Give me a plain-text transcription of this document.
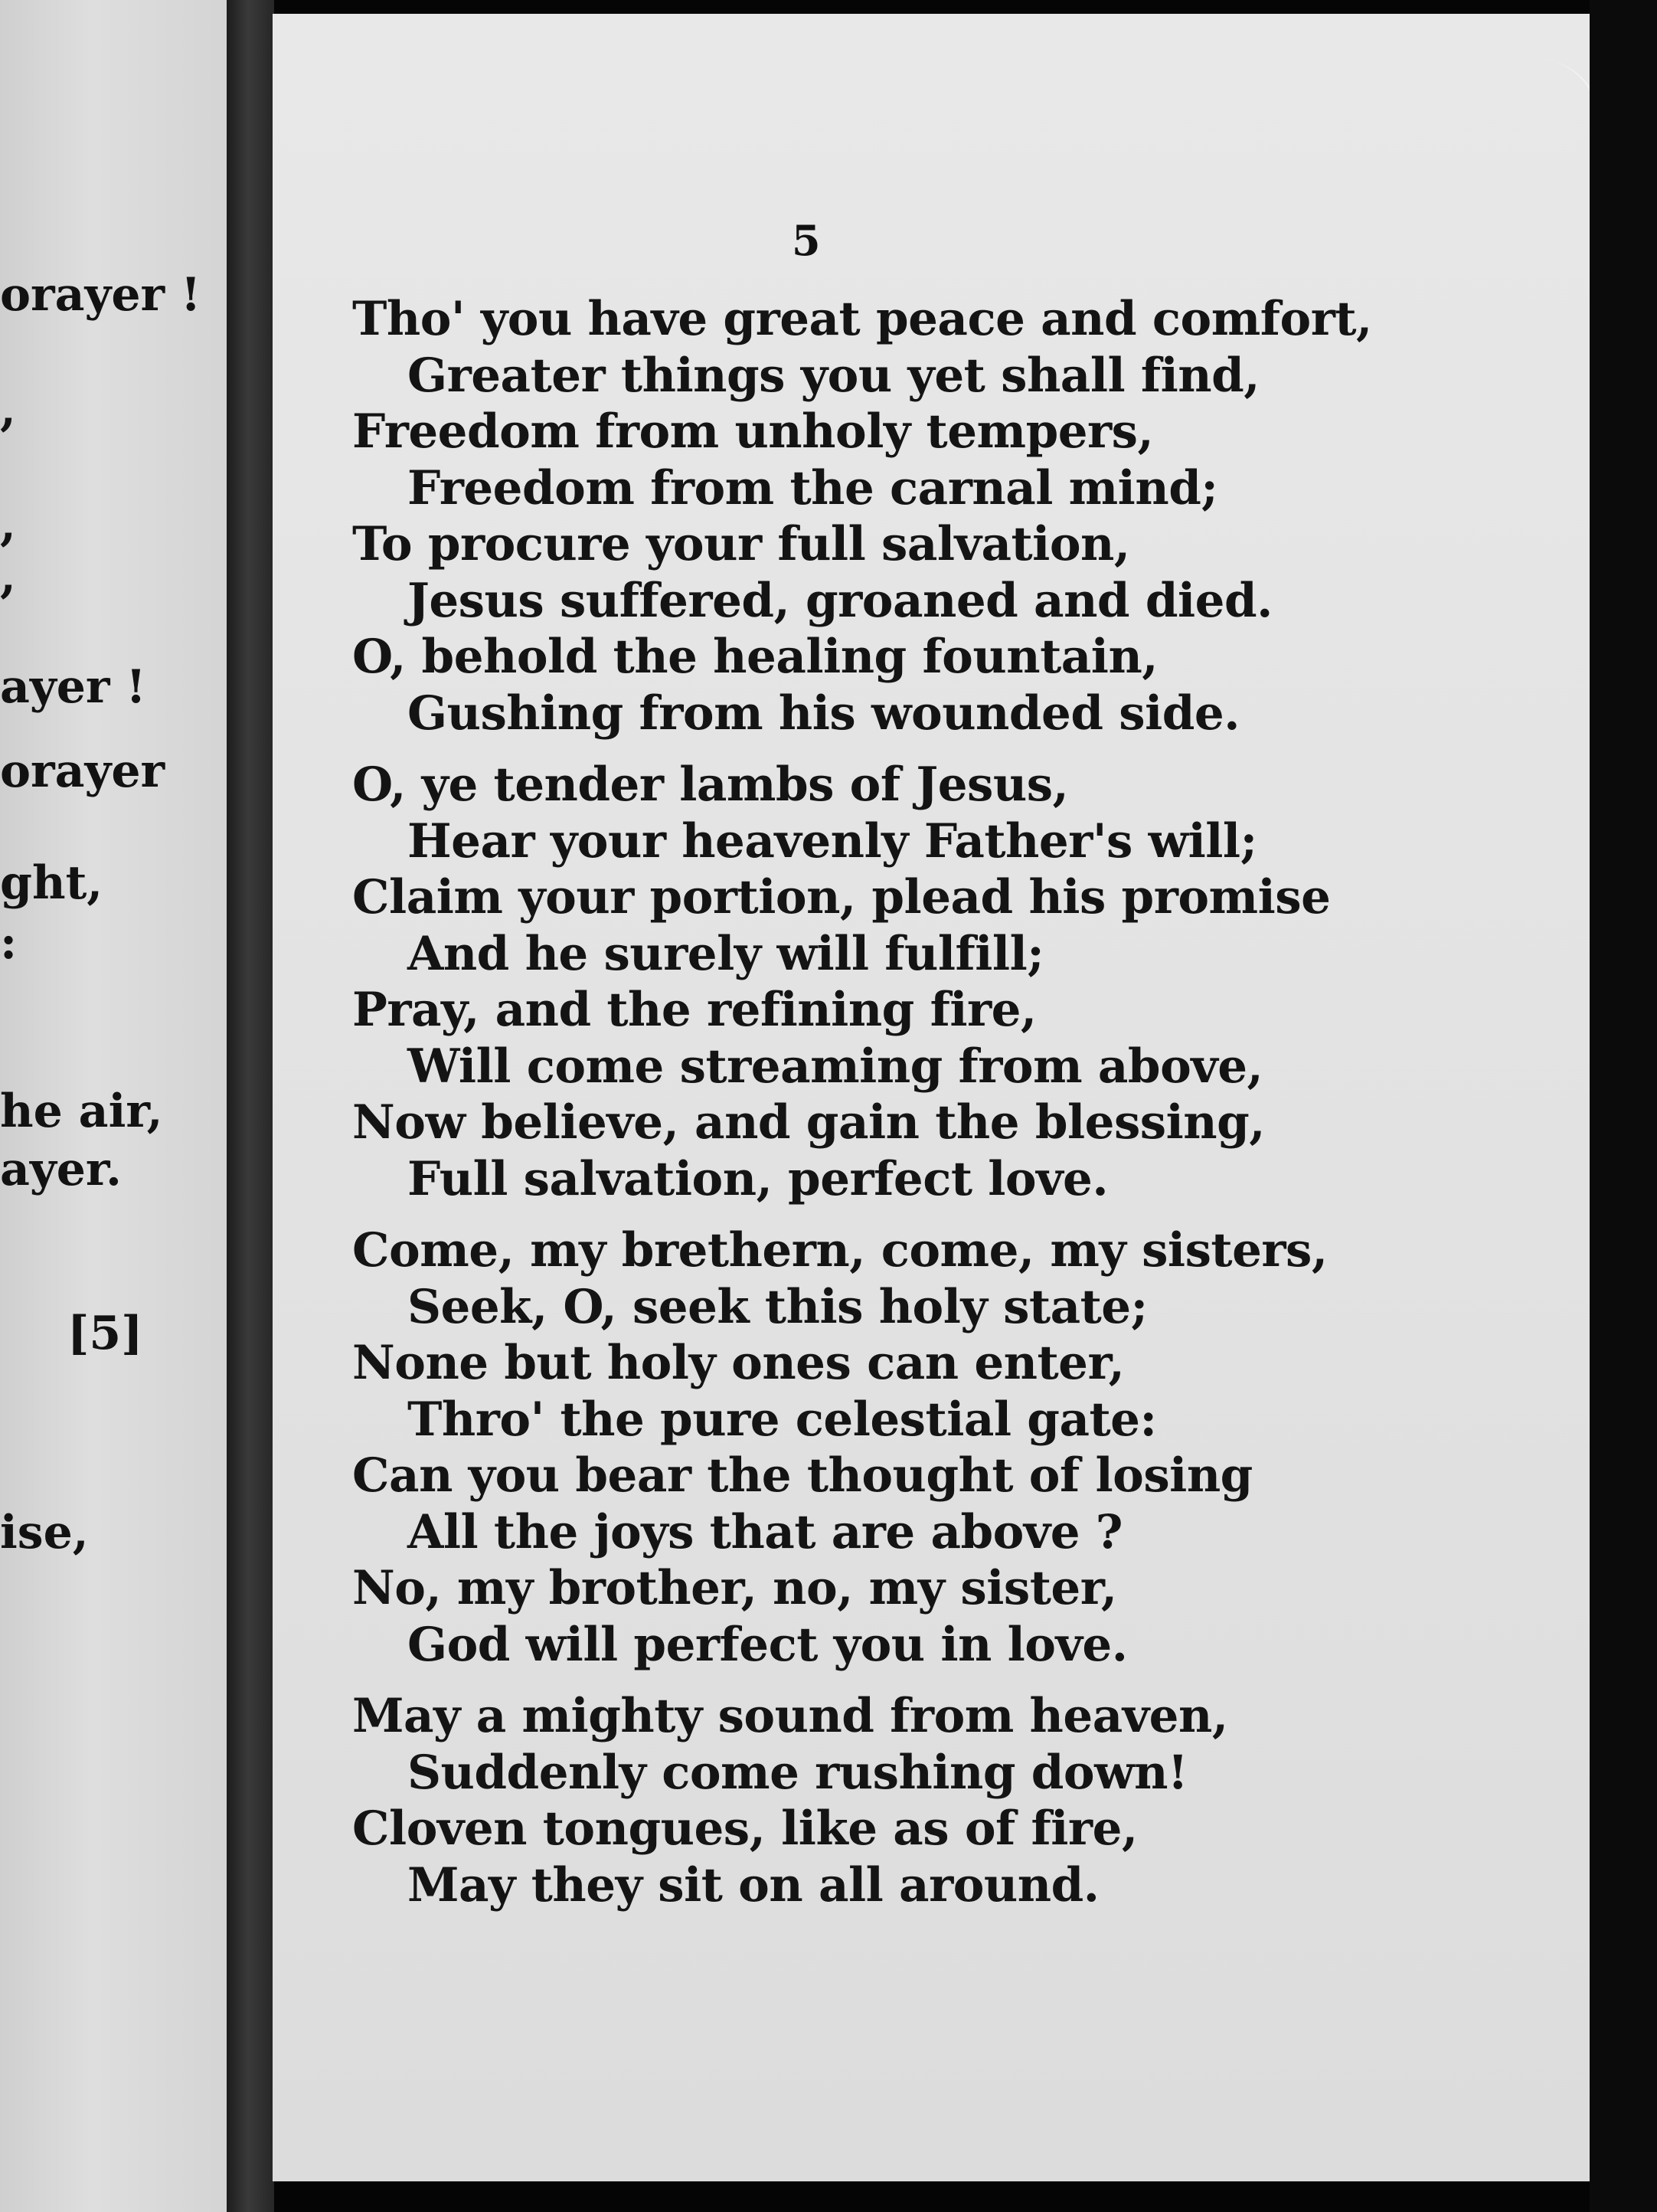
orayer !
,
,
,
ayer !
orayer
ght,
:
he air,
ayer.
[5]
ise,
5
Tho' you have great peace and comfort,
Greater things you yet shall find,
Freedom from unholy tempers,
Freedom from the carnal mind;
To procure your full salvation,
Jesus suffered, groaned and died.
O, behold the healing fountain,
Gushing from his wounded side.
O, ye tender lambs of Jesus,
Hear your heavenly Father's will;
Claim your portion, plead his promise
And he surely will fulfill;
Pray, and the refining fire,
Will come streaming from above,
Now believe, and gain the blessing,
Full salvation, perfect love.
Come, my brethern, come, my sisters,
Seek, O, seek this holy state;
None but holy ones can enter,
Thro' the pure celestial gate:
Can you bear the thought of losing
All the joys that are above ?
No, my brother, no, my sister,
God will perfect you in love.
May a mighty sound from heaven,
Suddenly come rushing down!
Cloven tongues, like as of fire,
May they sit on all around.
